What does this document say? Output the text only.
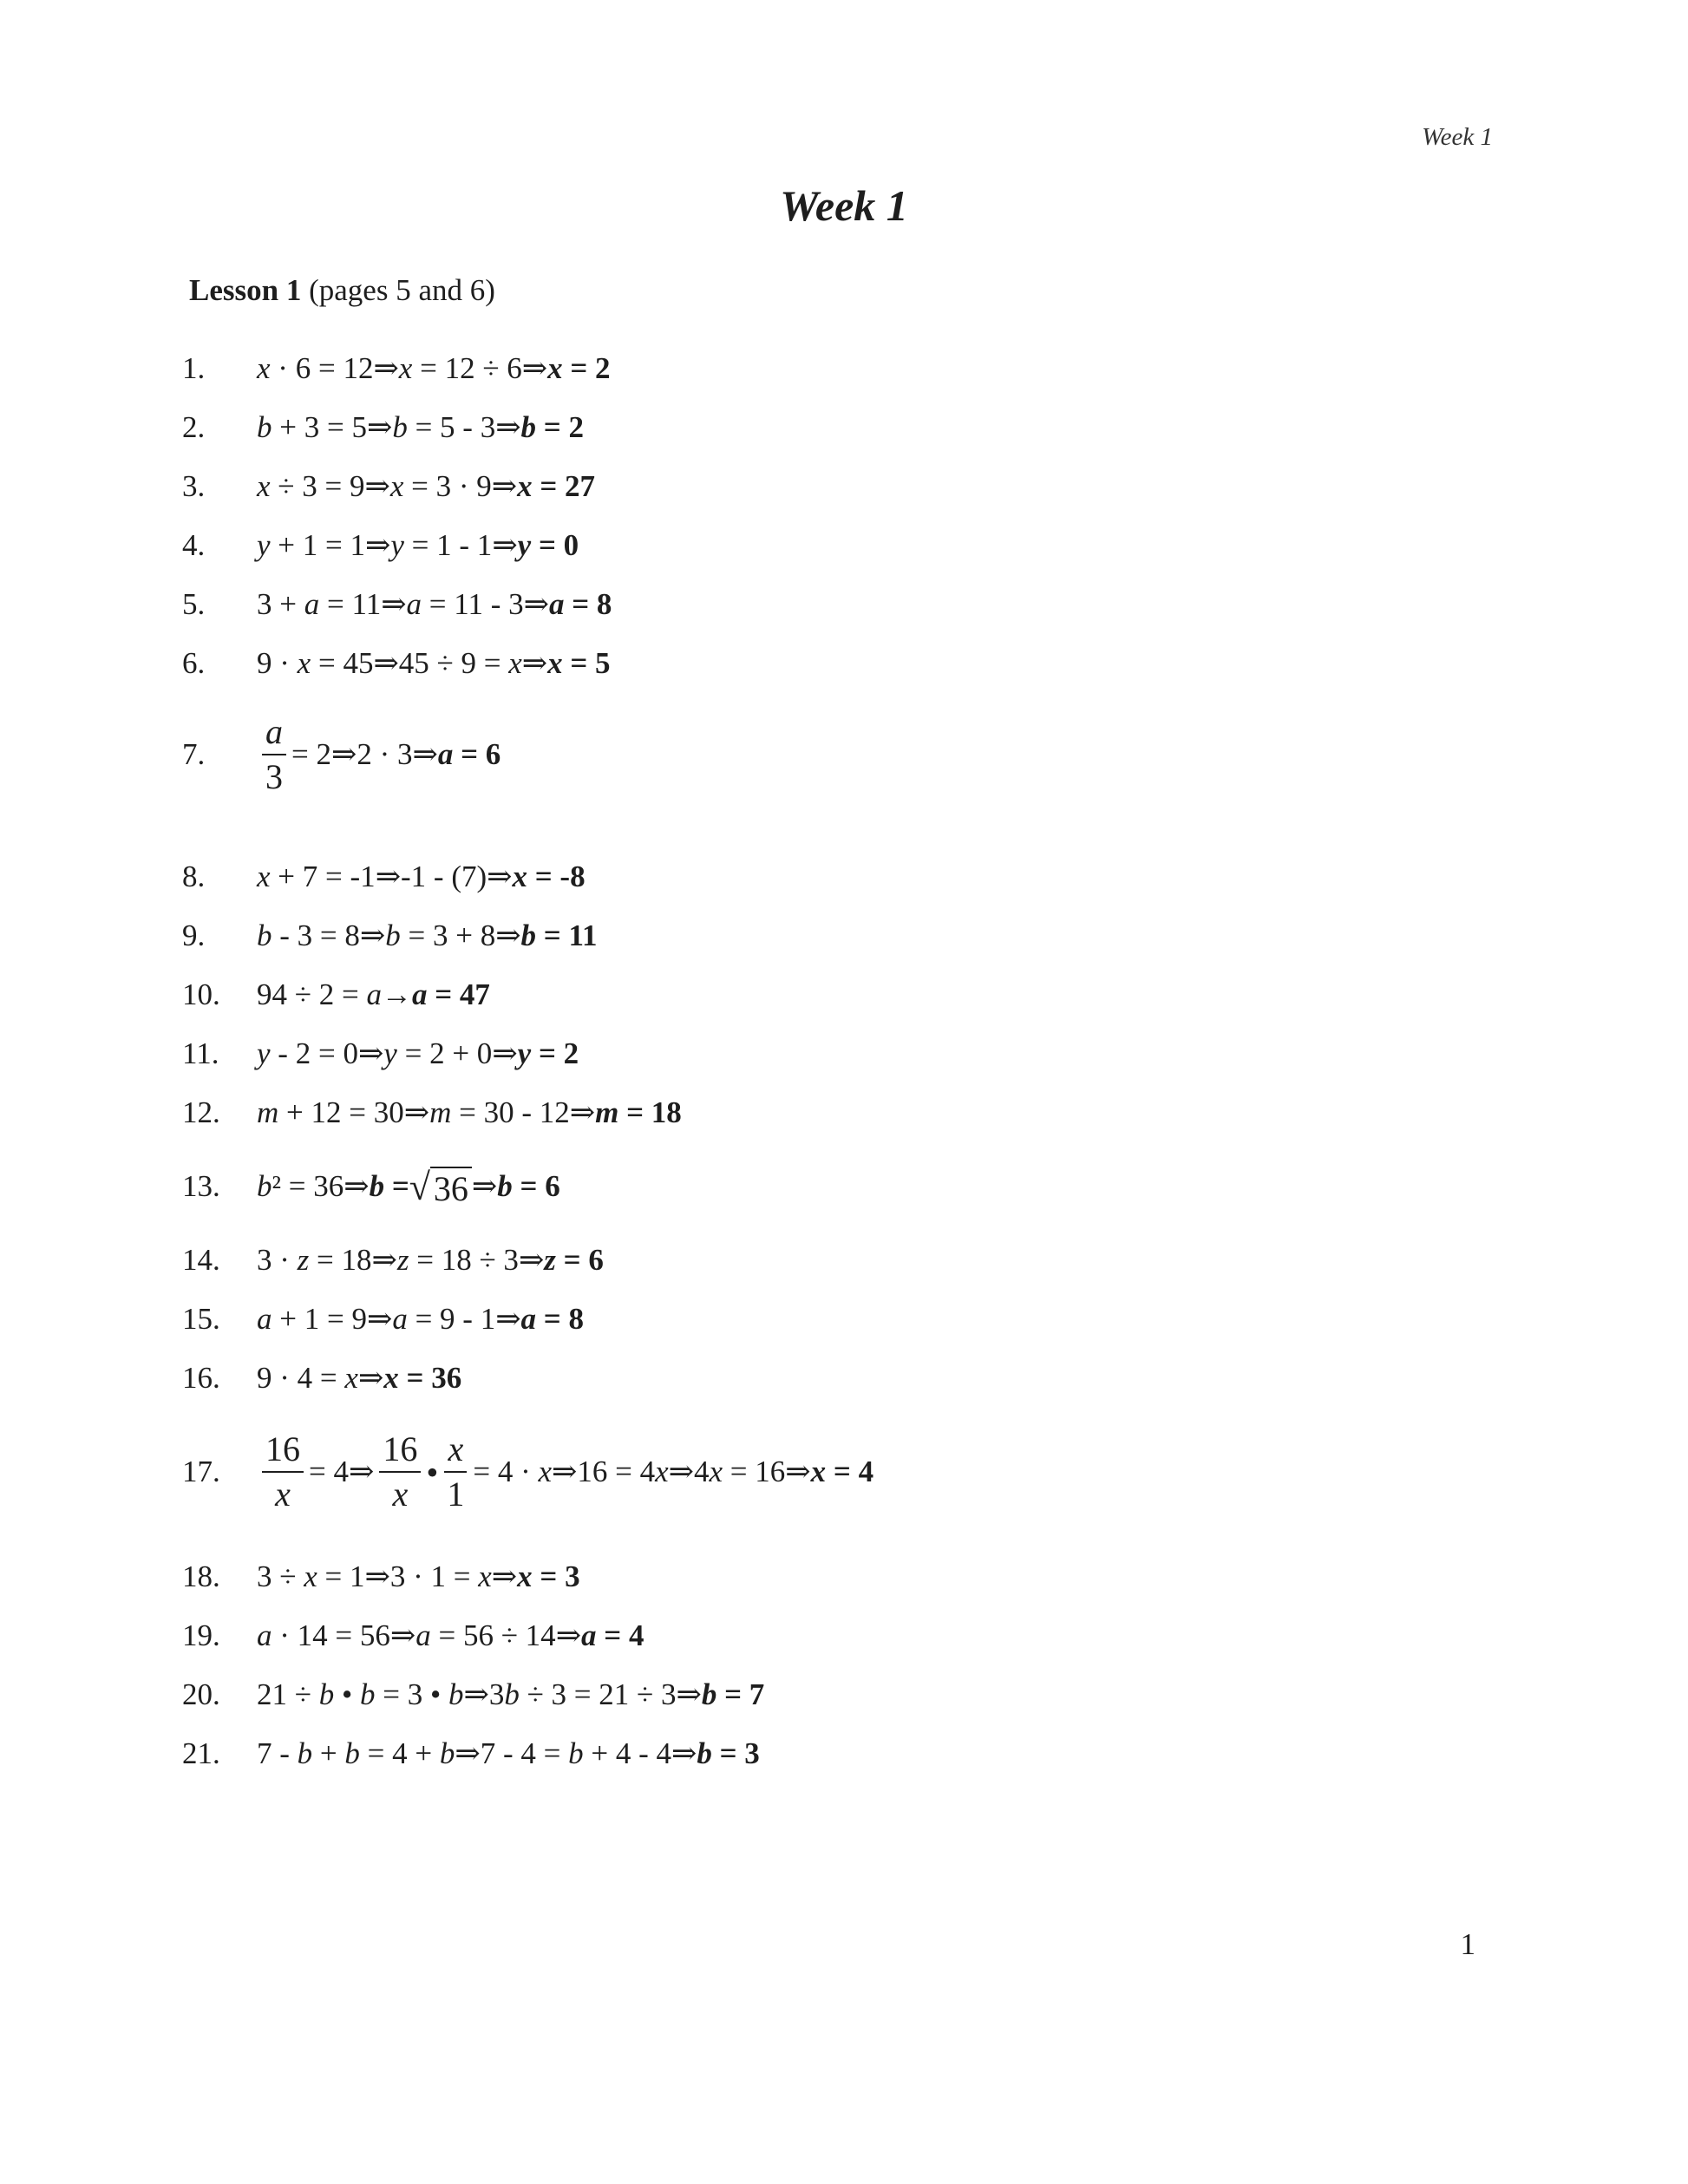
Week 1
Week 1
Lesson 1 (pages 5 and 6)
1.	x · 6 = 12 ⇒ x = 12 ÷ 6 ⇒ x = 2
2.	b + 3 = 5 ⇒ b = 5 - 3 ⇒ b = 2
3.	x ÷ 3 = 9 ⇒ x = 3 · 9 ⇒ x = 27
4.	y + 1 = 1 ⇒ y = 1 - 1 ⇒ y = 0
5.	3 + a = 11 ⇒ a = 11 - 3 ⇒ a = 8
6.	9 · x = 45 ⇒ 45 ÷ 9 = x ⇒ x = 5
7.	$\frac{a}{3} = 2$ ⇒ 2 · 3 ⇒ a = 6
8.	x + 7 = -1 ⇒ -1 - (7) ⇒ x = -8
9.	b - 3 = 8 ⇒ b = 3 + 8 ⇒ b = 11
10.	94 ÷ 2 = a → a = 47
11.	y - 2 = 0 ⇒ y = 2 + 0 ⇒ y = 2
12.	m + 12 = 30 ⇒ m = 30 - 12 ⇒ m = 18
13.	b² = 36 ⇒ b = √ 36 ⇒ b = 6
14.	3 · z = 18 ⇒ z = 18 ÷ 3 ⇒ z = 6
15.	a + 1 = 9 ⇒ a = 9 - 1 ⇒ a = 8
16.	9 · 4 = x ⇒ x = 36
17.	$\frac{16}{x} = 4$ ⇒ $\frac{16}{x}$ • $\frac{x}{1} = 4 \cdot x$ ⇒ 16 = 4x ⇒ 4x = 16 ⇒ x = 4
18.	3 ÷ x = 1 ⇒ 3 · 1 = x ⇒ x = 3
19.	a · 14 = 56 ⇒ a = 56 ÷ 14 ⇒ a = 4
20.	21 ÷ b • b = 3 • b ⇒ 3b ÷ 3 = 21 ÷ 3 ⇒ b = 7
21.	7 - b + b = 4 + b ⇒ 7 - 4 = b + 4 - 4 ⇒ b = 3
1
